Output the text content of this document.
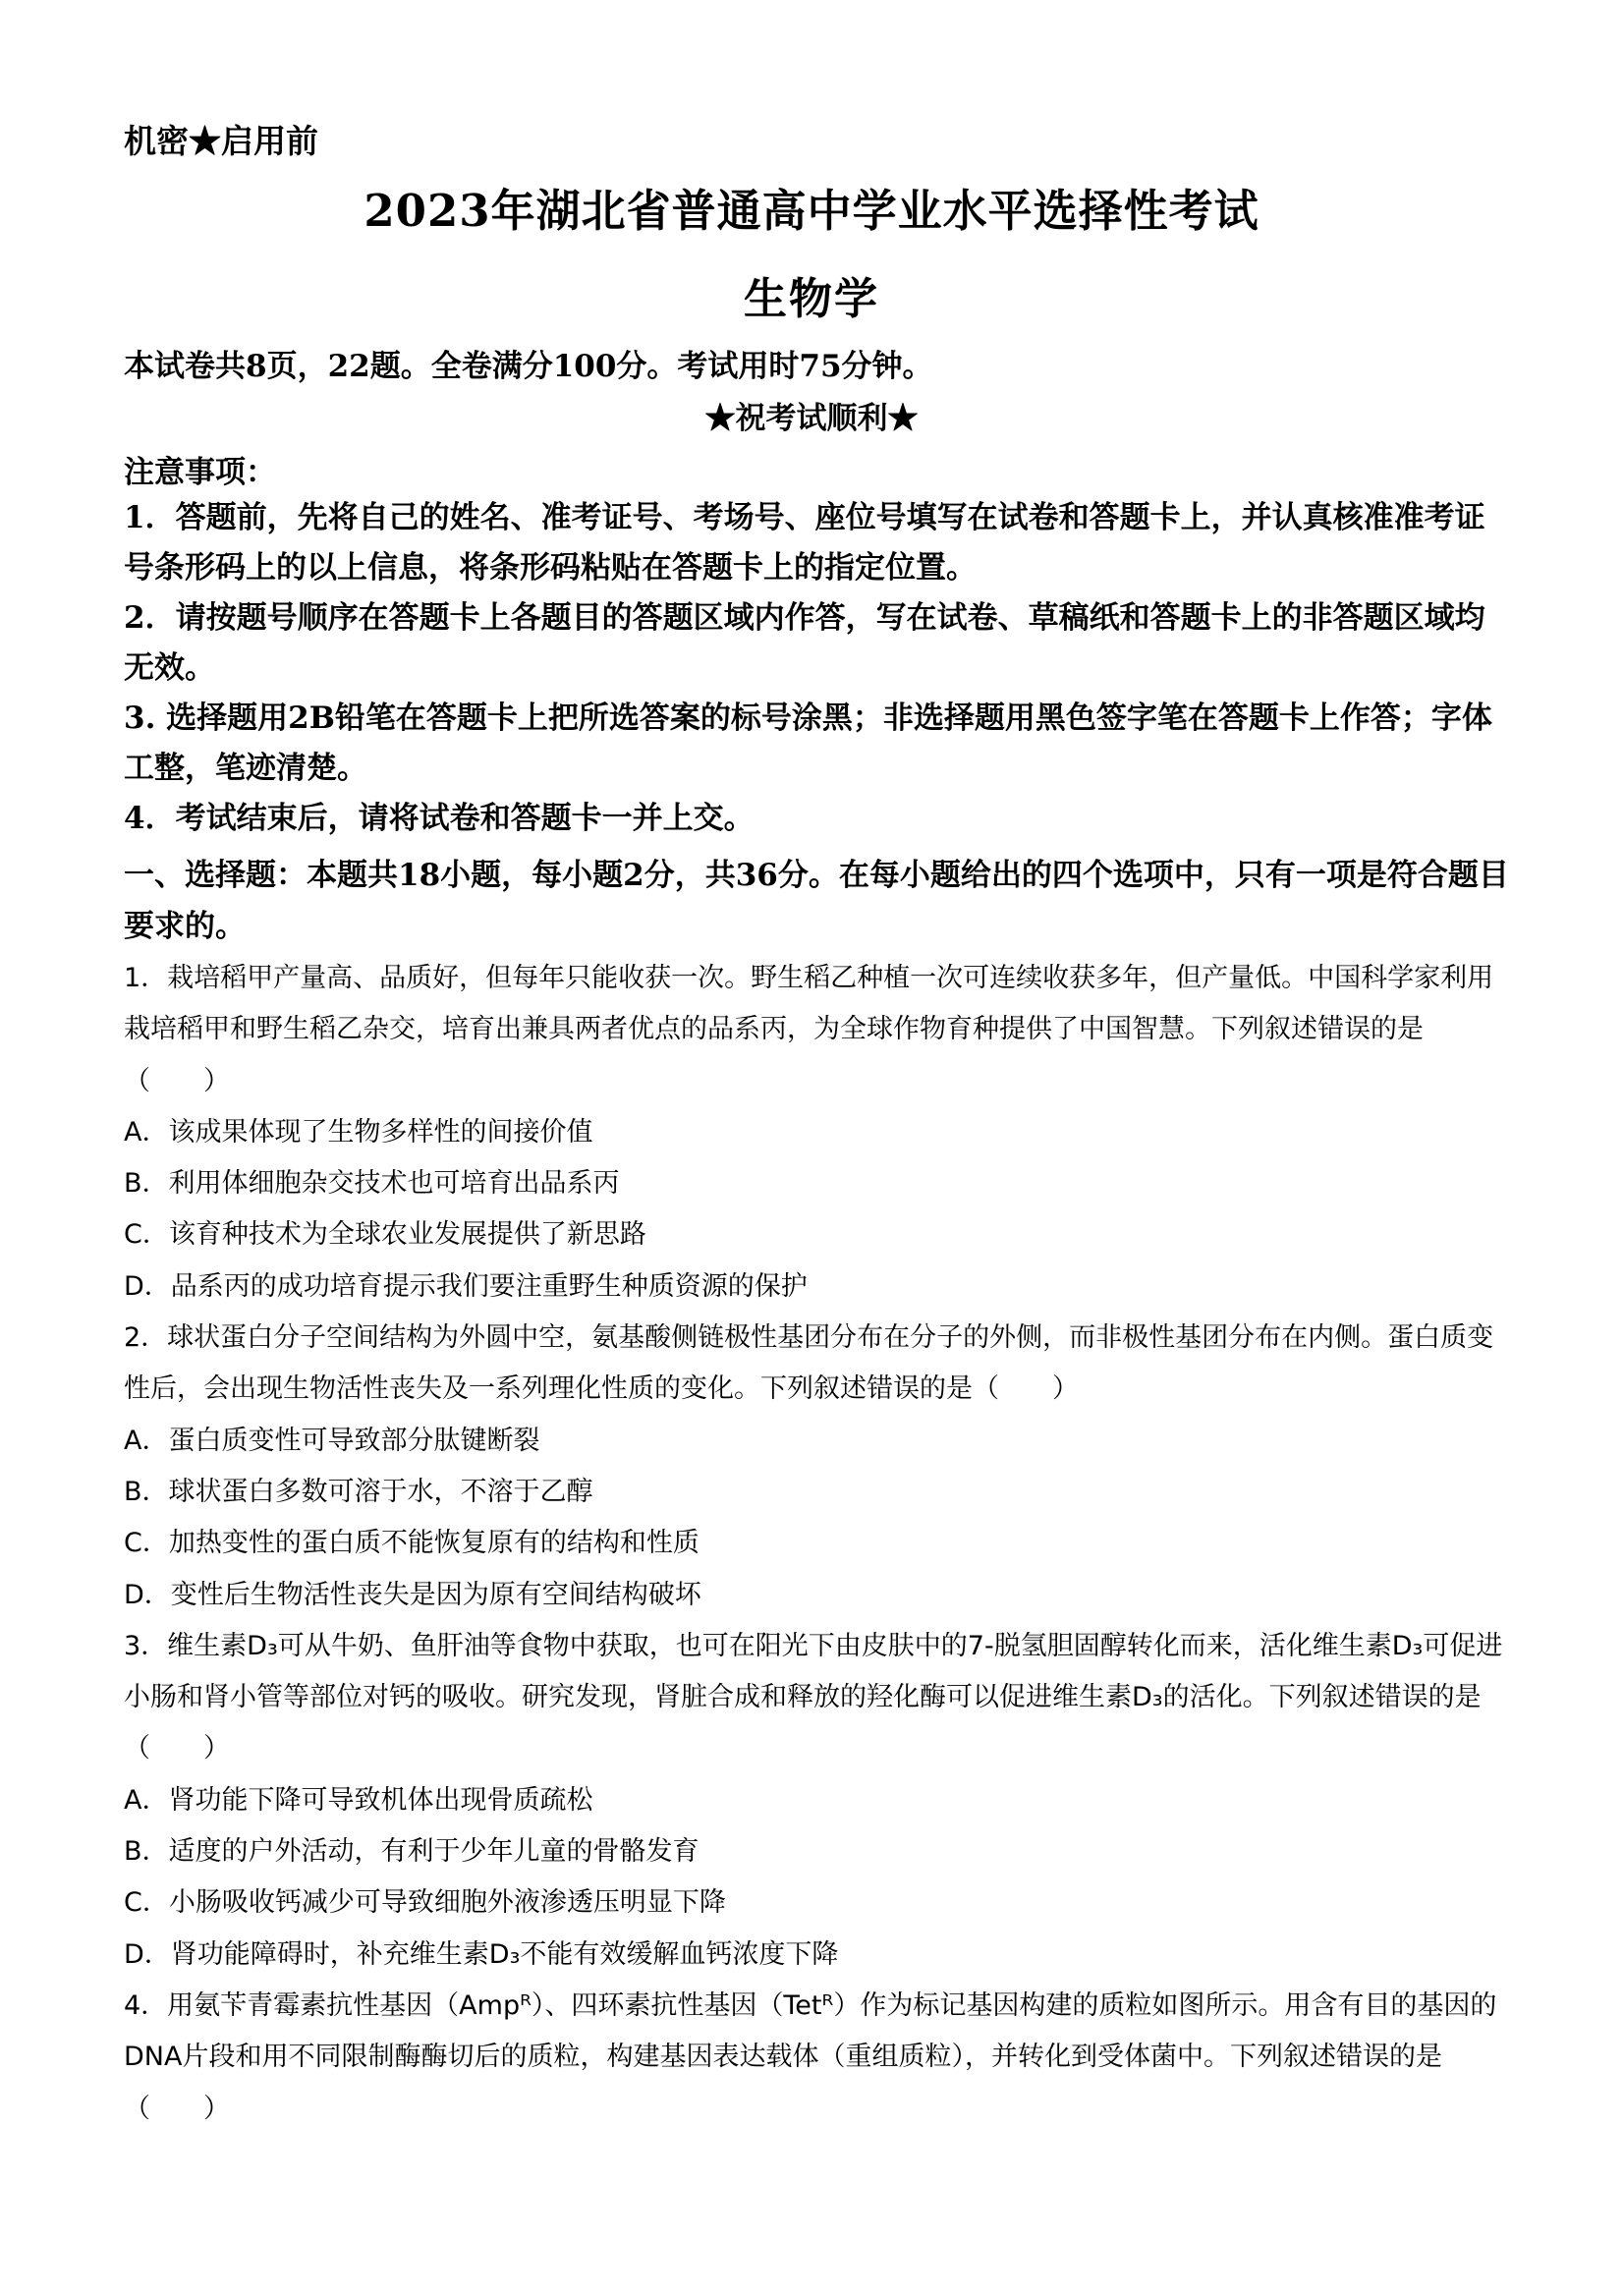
机密★启用前
2023年湖北省普通高中学业水平选择性考试
生物学
本试卷共8页，22题。全卷满分100分。考试用时75分钟。
★祝考试顺利★
注意事项：
1．答题前，先将自己的姓名、准考证号、考场号、座位号填写在试卷和答题卡上，并认真核准准考证号条形码上的以上信息，将条形码粘贴在答题卡上的指定位置。
2．请按题号顺序在答题卡上各题目的答题区域内作答，写在试卷、草稿纸和答题卡上的非答题区域均无效。
3. 选择题用2B铅笔在答题卡上把所选答案的标号涂黑；非选择题用黑色签字笔在答题卡上作答；字体工整，笔迹清楚。
4．考试结束后，请将试卷和答题卡一并上交。
一、选择题：本题共18小题，每小题2分，共36分。在每小题给出的四个选项中，只有一项是符合题目要求的。

1．栽培稻甲产量高、品质好，但每年只能收获一次。野生稻乙种植一次可连续收获多年，但产量低。中国科学家利用栽培稻甲和野生稻乙杂交，培育出兼具两者优点的品系丙，为全球作物育种提供了中国智慧。下列叙述错误的是（　　）

A．该成果体现了生物多样性的间接价值

B．利用体细胞杂交技术也可培育出品系丙

C．该育种技术为全球农业发展提供了新思路

D．品系丙的成功培育提示我们要注重野生种质资源的保护

2．球状蛋白分子空间结构为外圆中空，氨基酸侧链极性基团分布在分子的外侧，而非极性基团分布在内侧。蛋白质变性后，会出现生物活性丧失及一系列理化性质的变化。下列叙述错误的是（　　）

A．蛋白质变性可导致部分肽键断裂

B．球状蛋白多数可溶于水，不溶于乙醇

C．加热变性的蛋白质不能恢复原有的结构和性质

D．变性后生物活性丧失是因为原有空间结构破坏

3．维生素D₃可从牛奶、鱼肝油等食物中获取，也可在阳光下由皮肤中的7-脱氢胆固醇转化而来，活化维生素D₃可促进小肠和肾小管等部位对钙的吸收。研究发现，肾脏合成和释放的羟化酶可以促进维生素D₃的活化。下列叙述错误的是（　　）

A．肾功能下降可导致机体出现骨质疏松

B．适度的户外活动，有利于少年儿童的骨骼发育

C．小肠吸收钙减少可导致细胞外液渗透压明显下降

D．肾功能障碍时，补充维生素D₃不能有效缓解血钙浓度下降

4．用氨苄青霉素抗性基因（Ampᴿ）、四环素抗性基因（Tetᴿ）作为标记基因构建的质粒如图所示。用含有目的基因的DNA片段和用不同限制酶酶切后的质粒，构建基因表达载体（重组质粒），并转化到受体菌中。下列叙述错误的是（　　）
